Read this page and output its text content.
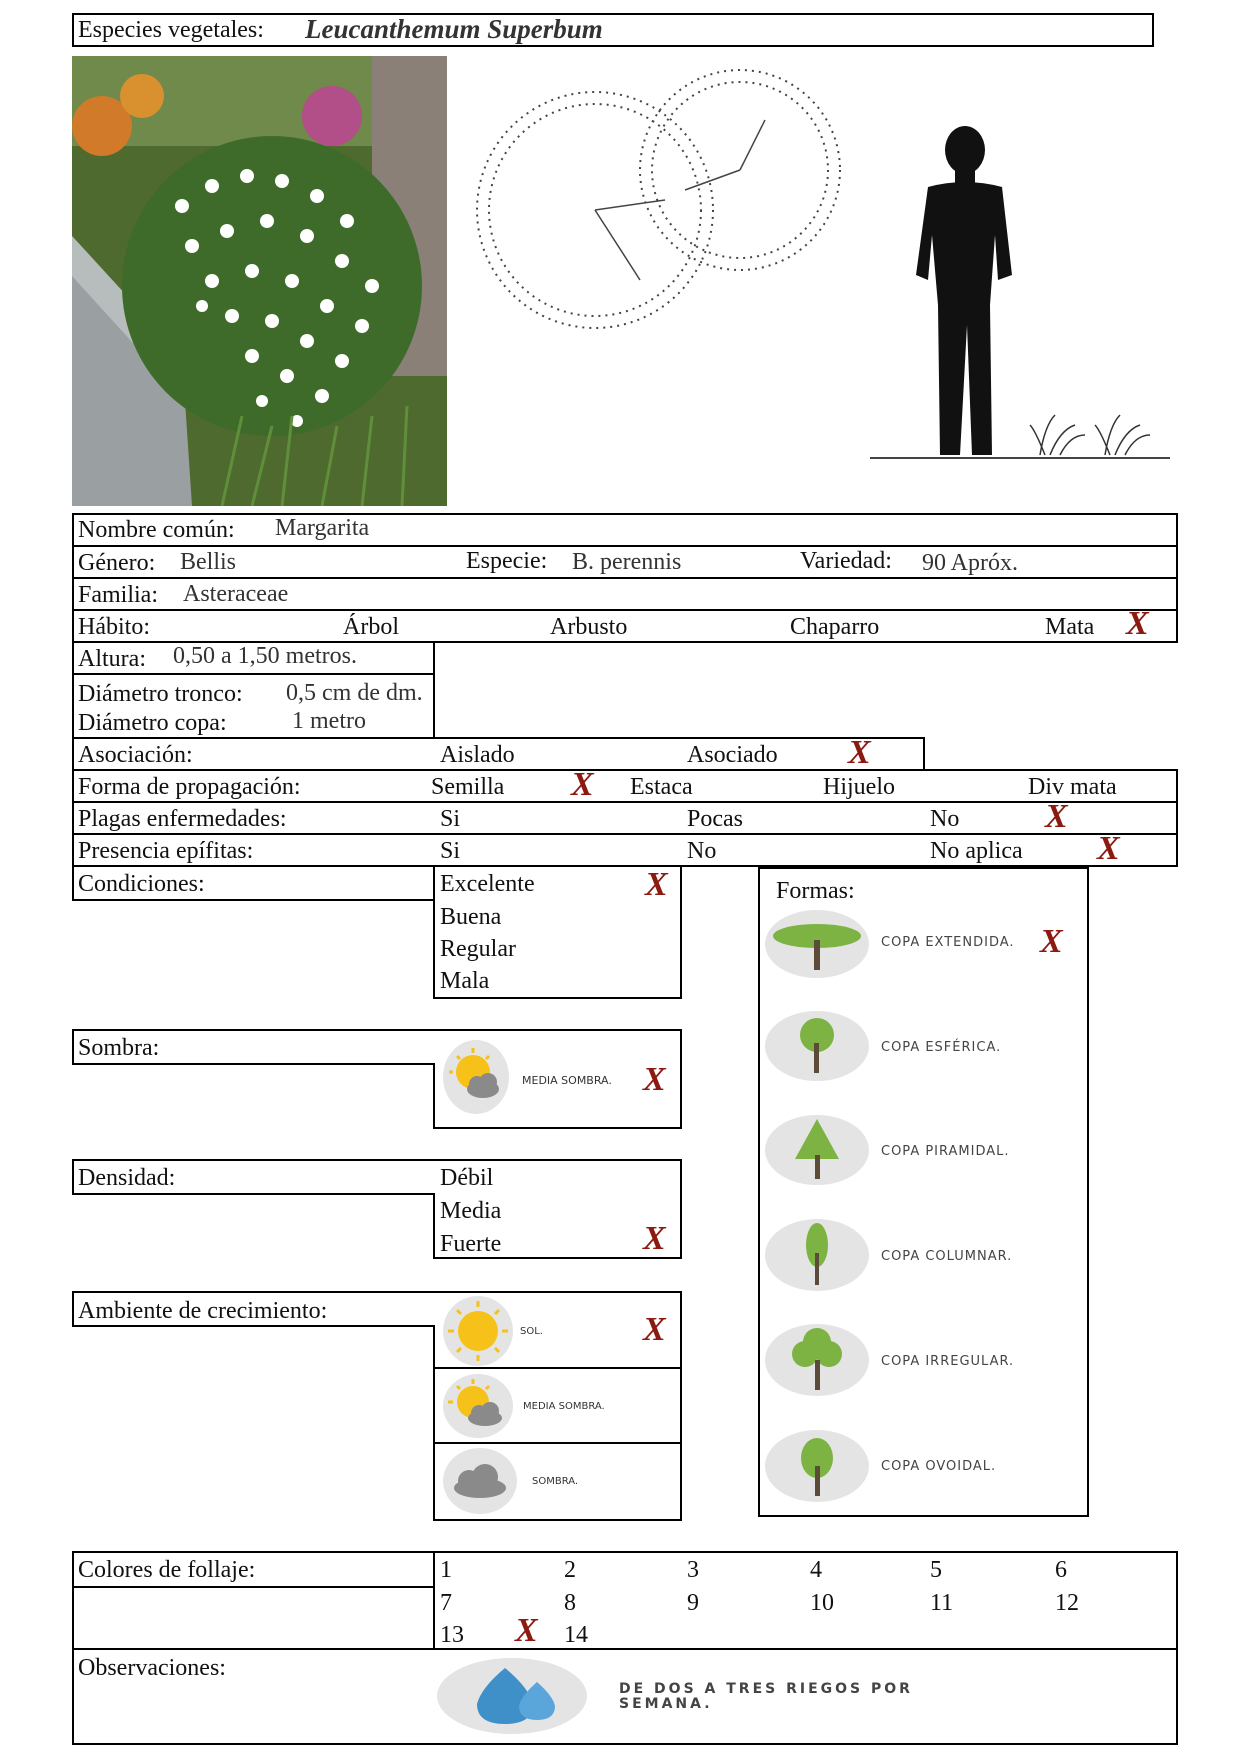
Especies vegetales: Leucanthemum Superbum
Nombre común: Margarita
Género: Bellis	Especie: B. perennis	Variedad: 90 Apróx.
Familia: Asteraceae
Hábito:	Árbol	Arbusto	Chaparro	Mata X
Altura: 0,50 a 1,50 metros.
Diámetro tronco: 0,5 cm de dm.
Diámetro copa:	1 metro
Asociación:	Aislado	Asociado X
Forma de propagación:	Semilla X Estaca	Hijuelo	Div mata
Plagas enfermedades:	Si	Pocas	No	X
Presencia epífitas:	Si	No	No aplica X
Condiciones:	Excelente	X
Buena
Regular
Mala
Sombra:
MEDIA SOMBRA. X
Densidad:	Débil
Media
Fuerte	X
Ambiente de crecimiento:
SOL.	X
MEDIA SOMBRA.
SOMBRA.
Formas:
COPA EXTENDIDA. X
COPA ESFÉRICA.
COPA PIRAMIDAL.
COPA COLUMNAR.
COPA IRREGULAR.
COPA OVOIDAL.
Colores de follaje:	1	2	3	4	5	6
7	8	9	10	11	12
13 X 14
Observaciones:
DE DOS A TRES RIEGOS POR SEMANA.
